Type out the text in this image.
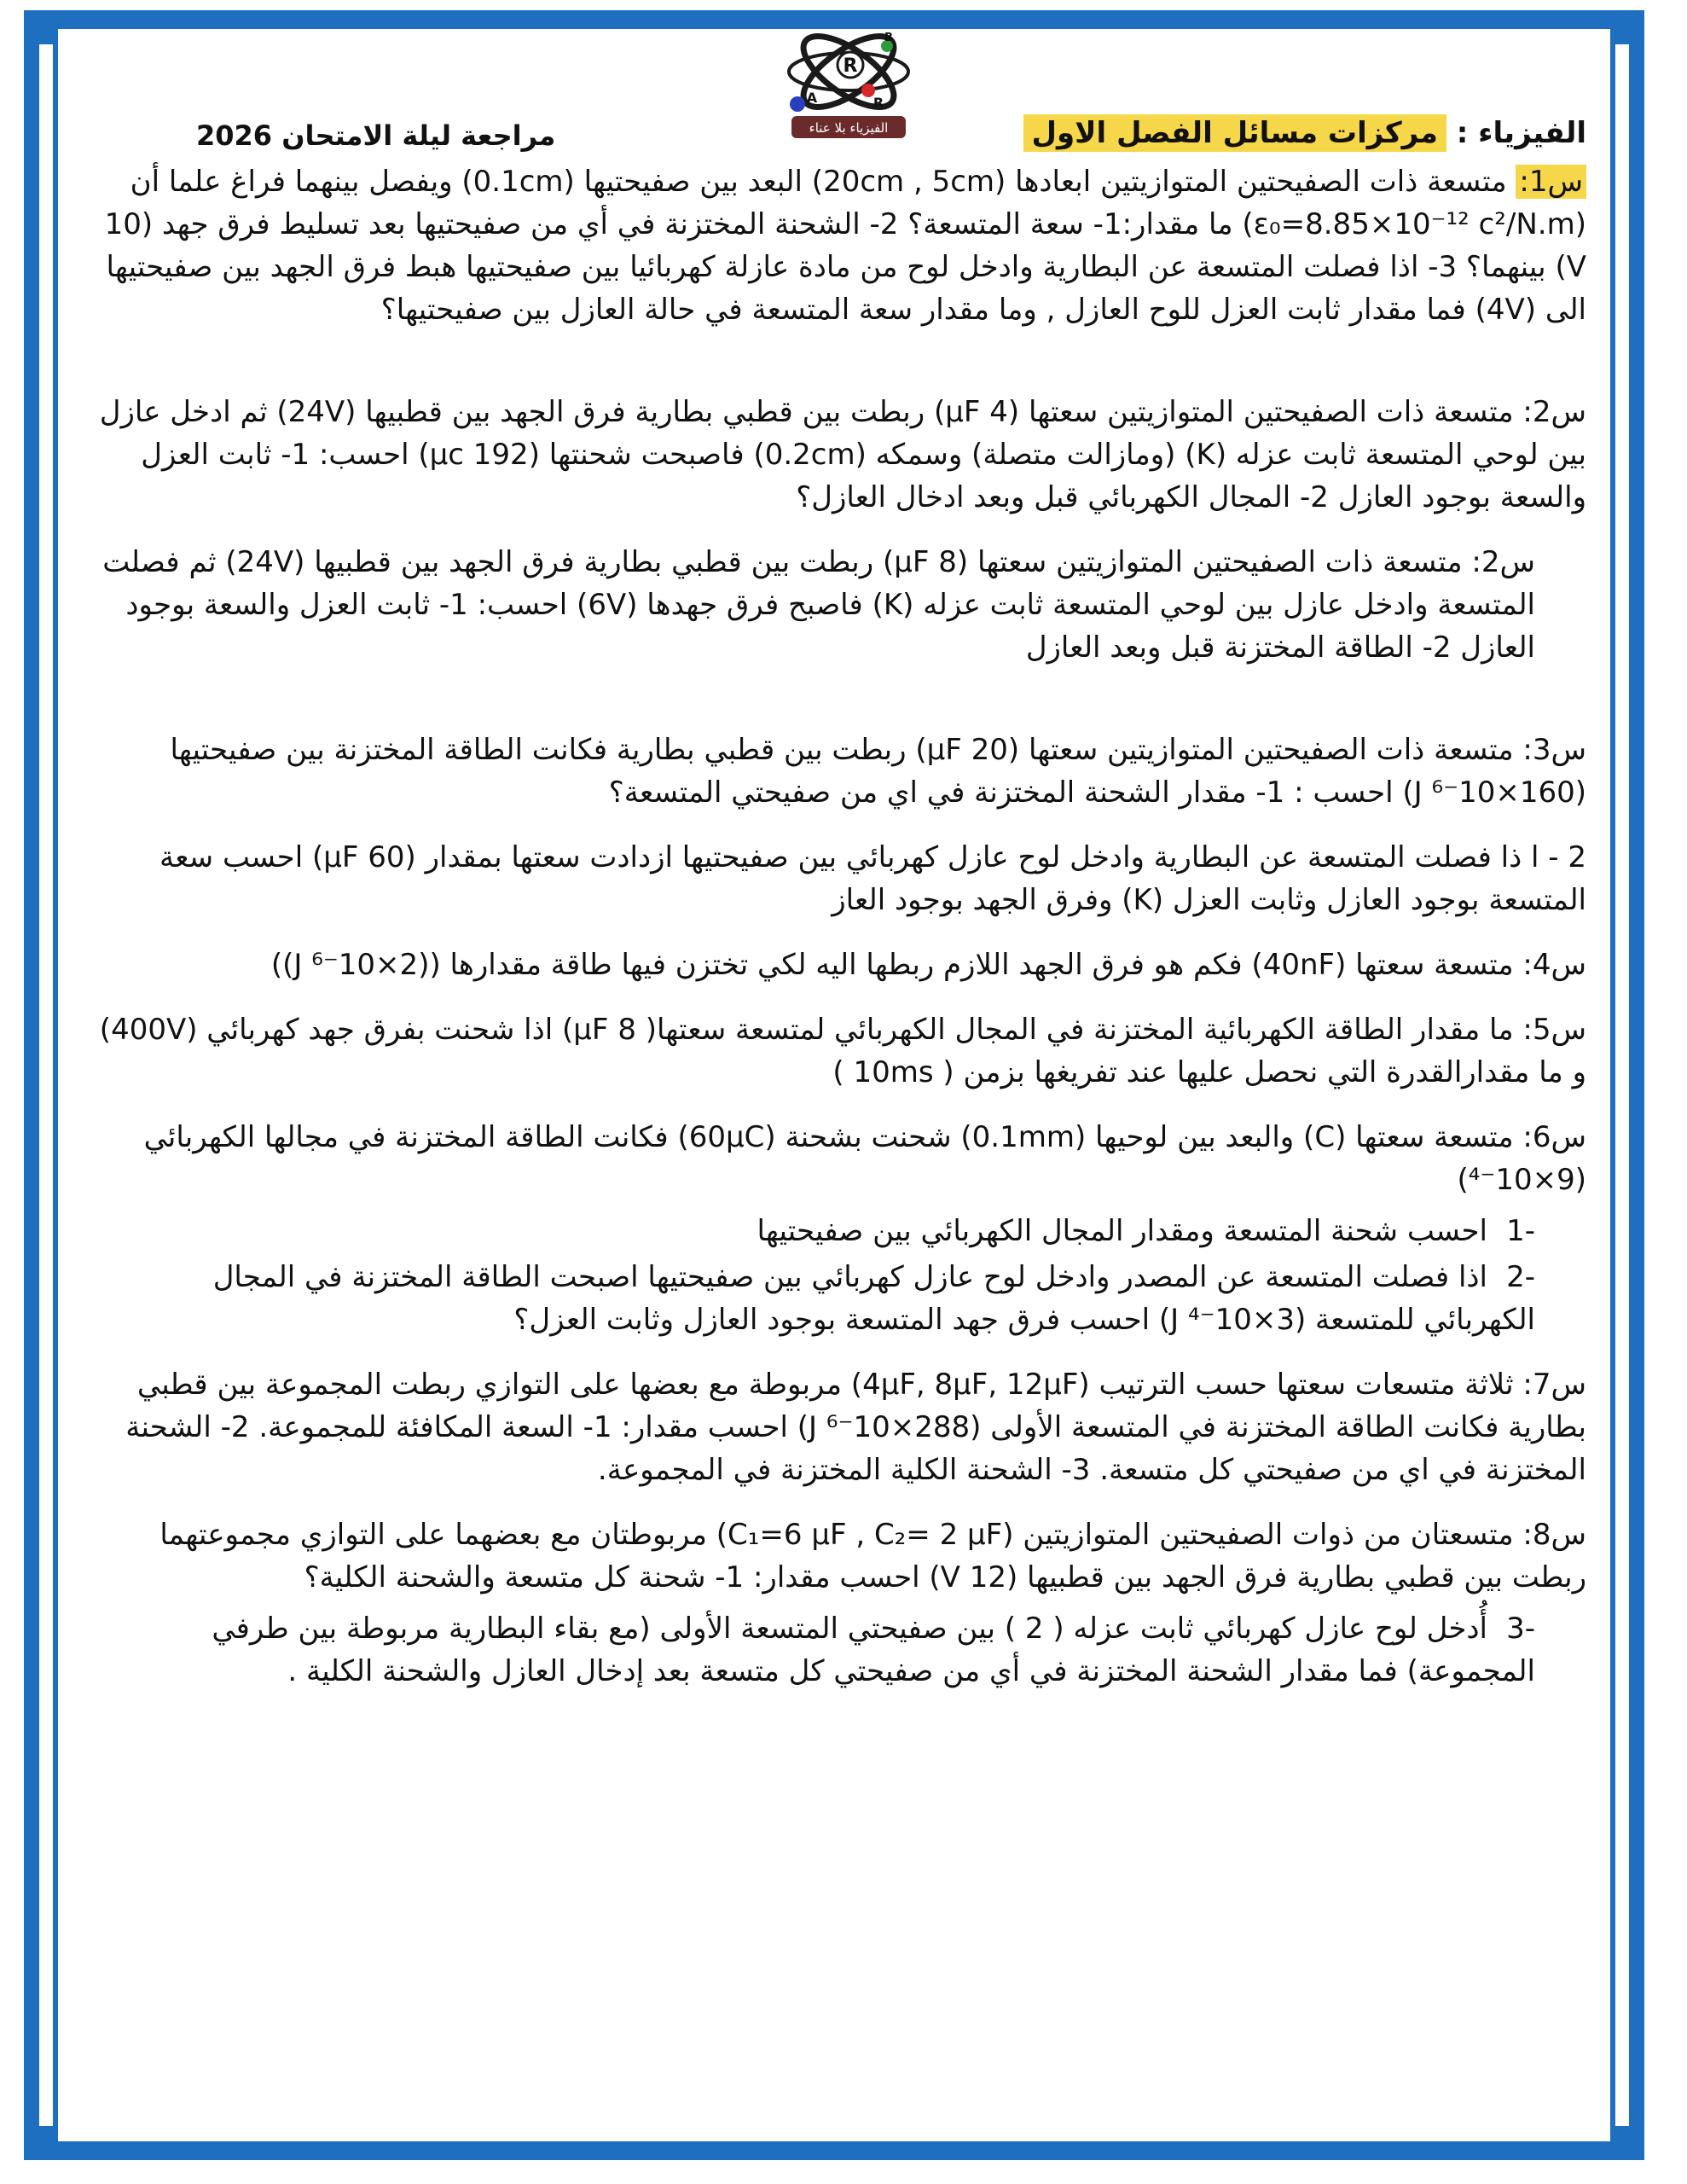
الفيزياء : مركزات مسائل الفصل الاول
مراجعة ليلة الامتحان 2026
R
A
B
R
الفيزياء بلا عناء

س1: متسعة ذات الصفيحتين المتوازيتين ابعادها (20cm , 5cm) البعد بين صفيحتيها (0.1cm) ويفصل بينهما فراغ علما أن (ε₀=8.85×10⁻¹² c²/N.m) ما مقدار:1- سعة المتسعة؟ 2- الشحنة المختزنة في أي من صفيحتيها بعد تسليط فرق جهد (10 V) بينهما؟ 3- اذا فصلت المتسعة عن البطارية وادخل لوح من مادة عازلة كهربائيا بين صفيحتيها هبط فرق الجهد بين صفيحتيها الى (4V) فما مقدار ثابت العزل للوح العازل , وما مقدار سعة المتسعة في حالة العازل بين صفيحتيها؟

س2: متسعة ذات الصفيحتين المتوازيتين سعتها (4 μF) ربطت بين قطبي بطارية فرق الجهد بين قطبيها (24V) ثم ادخل عازل بين لوحي المتسعة ثابت عزله (K) (ومازالت متصلة) وسمكه (0.2cm) فاصبحت شحنتها (192 μc) احسب: 1- ثابت العزل والسعة بوجود العازل 2- المجال الكهربائي قبل وبعد ادخال العازل؟

س2: متسعة ذات الصفيحتين المتوازيتين سعتها (8 μF) ربطت بين قطبي بطارية فرق الجهد بين قطبيها (24V) ثم فصلت المتسعة وادخل عازل بين لوحي المتسعة ثابت عزله (K) فاصبح فرق جهدها (6V) احسب: 1- ثابت العزل والسعة بوجود العازل 2- الطاقة المختزنة قبل وبعد العازل

س3: متسعة ذات الصفيحتين المتوازيتين سعتها (20 μF) ربطت بين قطبي بطارية فكانت الطاقة المختزنة بين صفيحتيها (160×10⁻⁶ J) احسب : 1- مقدار الشحنة المختزنة في اي من صفيحتي المتسعة؟

2 - ا ذا فصلت المتسعة عن البطارية وادخل لوح عازل كهربائي بين صفيحتيها ازدادت سعتها بمقدار (60 μF) احسب سعة المتسعة بوجود العازل وثابت العزل (K) وفرق الجهد بوجود العاز

س4: متسعة سعتها (40nF) فكم هو فرق الجهد اللازم ربطها اليه لكي تختزن فيها طاقة مقدارها ((2×10⁻⁶ J))

س5: ما مقدار الطاقة الكهربائية المختزنة في المجال الكهربائي لمتسعة سعتها( 8 μF) اذا شحنت بفرق جهد كهربائي (400V) و ما مقدارالقدرة التي نحصل عليها عند تفريغها بزمن ( 10ms )

س6: متسعة سعتها (C) والبعد بين لوحيها (0.1mm) شحنت بشحنة (60μC) فكانت الطاقة المختزنة في مجالها الكهربائي (9×10⁻⁴)

-1احسب شحنة المتسعة ومقدار المجال الكهربائي بين صفيحتيها

-2اذا فصلت المتسعة عن المصدر وادخل لوح عازل كهربائي بين صفيحتيها اصبحت الطاقة المختزنة في المجال الكهربائي للمتسعة (3×10⁻⁴ J) احسب فرق جهد المتسعة بوجود العازل وثابت العزل؟

س7: ثلاثة متسعات سعتها حسب الترتيب (4μF, 8μF, 12μF) مربوطة مع بعضها على التوازي ربطت المجموعة بين قطبي بطارية فكانت الطاقة المختزنة في المتسعة الأولى (288×10⁻⁶ J) احسب مقدار: 1- السعة المكافئة للمجموعة. 2- الشحنة المختزنة في اي من صفيحتي كل متسعة. 3- الشحنة الكلية المختزنة في المجموعة.

س8: متسعتان من ذوات الصفيحتين المتوازيتين (C₁=6 μF , C₂= 2 μF) مربوطتان مع بعضهما على التوازي مجموعتهما ربطت بين قطبي بطارية فرق الجهد بين قطبيها (12 V) احسب مقدار: 1- شحنة كل متسعة والشحنة الكلية؟

-3أُدخل لوح عازل كهربائي ثابت عزله ( 2 ) بين صفيحتي المتسعة الأولى (مع بقاء البطارية مربوطة بين طرفي المجموعة) فما مقدار الشحنة المختزنة في أي من صفيحتي كل متسعة بعد إدخال العازل والشحنة الكلية .
